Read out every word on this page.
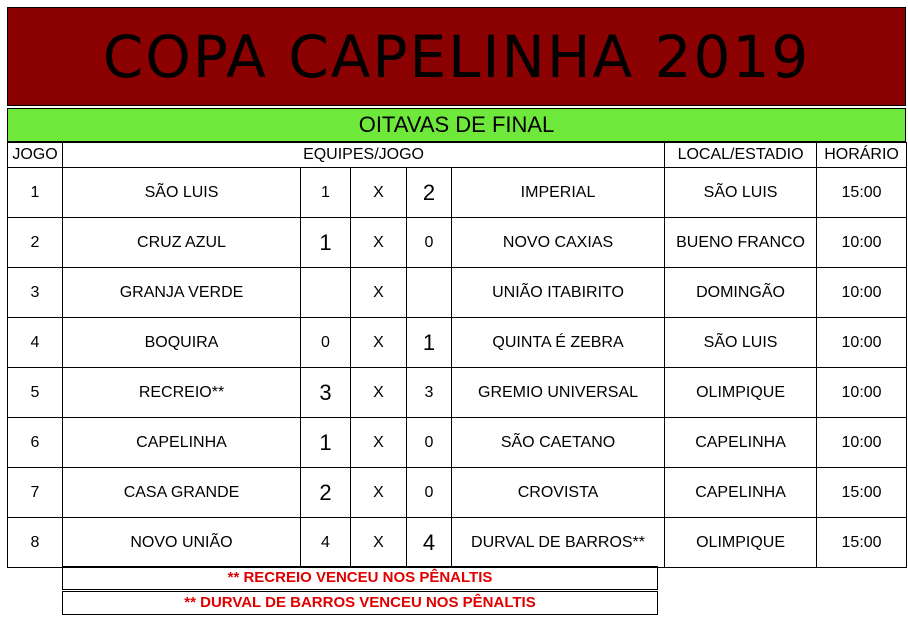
COPA CAPELINHA 2019
OITAVAS DE FINAL
JOGO	EQUIPES/JOGO					LOCAL/ESTADIO	HORÁRIO
1	SÃO LUIS	1	X	2	IMPERIAL	SÃO LUIS	15:00
2	CRUZ AZUL	1	X	0	NOVO CAXIAS	BUENO FRANCO	10:00
3	GRANJA VERDE		X		UNIÃO ITABIRITO	DOMINGÃO	10:00
4	BOQUIRA	0	X	1	QUINTA É ZEBRA	SÃO LUIS	10:00
5	RECREIO**	3	X	3	GREMIO UNIVERSAL	OLIMPIQUE	10:00
6	CAPELINHA	1	X	0	SÃO CAETANO	CAPELINHA	10:00
7	CASA GRANDE	2	X	0	CROVISTA	CAPELINHA	15:00
8	NOVO UNIÃO	4	X	4	DURVAL DE BARROS**	OLIMPIQUE	15:00
** RECREIO VENCEU NOS PÊNALTIS
** DURVAL DE BARROS VENCEU NOS PÊNALTIS
